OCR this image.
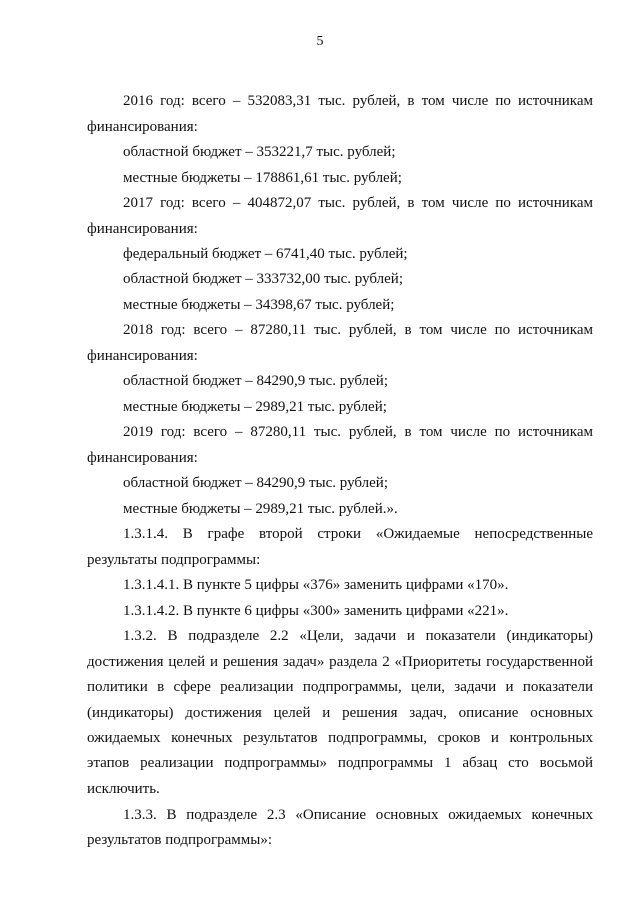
5
2016 год: всего – 532083,31 тыс. рублей, в том числе по источникам
финансирования:
областной бюджет – 353221,7 тыс. рублей;
местные бюджеты – 178861,61 тыс. рублей;
2017 год: всего – 404872,07 тыс. рублей, в том числе по источникам
финансирования:
федеральный бюджет – 6741,40 тыс. рублей;
областной бюджет – 333732,00 тыс. рублей;
местные бюджеты – 34398,67 тыс. рублей;
2018 год: всего – 87280,11 тыс. рублей, в том числе по источникам
финансирования:
областной бюджет – 84290,9 тыс. рублей;
местные бюджеты – 2989,21 тыс. рублей;
2019 год: всего – 87280,11 тыс. рублей, в том числе по источникам
финансирования:
областной бюджет – 84290,9 тыс. рублей;
местные бюджеты – 2989,21 тыс. рублей.».
1.3.1.4. В графе второй строки «Ожидаемые непосредственные
результаты подпрограммы:
1.3.1.4.1. В пункте 5 цифры «376» заменить цифрами «170».
1.3.1.4.2. В пункте 6 цифры «300» заменить цифрами «221».
1.3.2. В подразделе 2.2 «Цели, задачи и показатели (индикаторы)
достижения целей и решения задач» раздела 2 «Приоритеты государственной
политики в сфере реализации подпрограммы, цели, задачи и показатели
(индикаторы) достижения целей и решения задач, описание основных
ожидаемых конечных результатов подпрограммы, сроков и контрольных
этапов реализации подпрограммы» подпрограммы 1 абзац сто восьмой
исключить.
1.3.3. В подразделе 2.3 «Описание основных ожидаемых конечных
результатов подпрограммы»:
